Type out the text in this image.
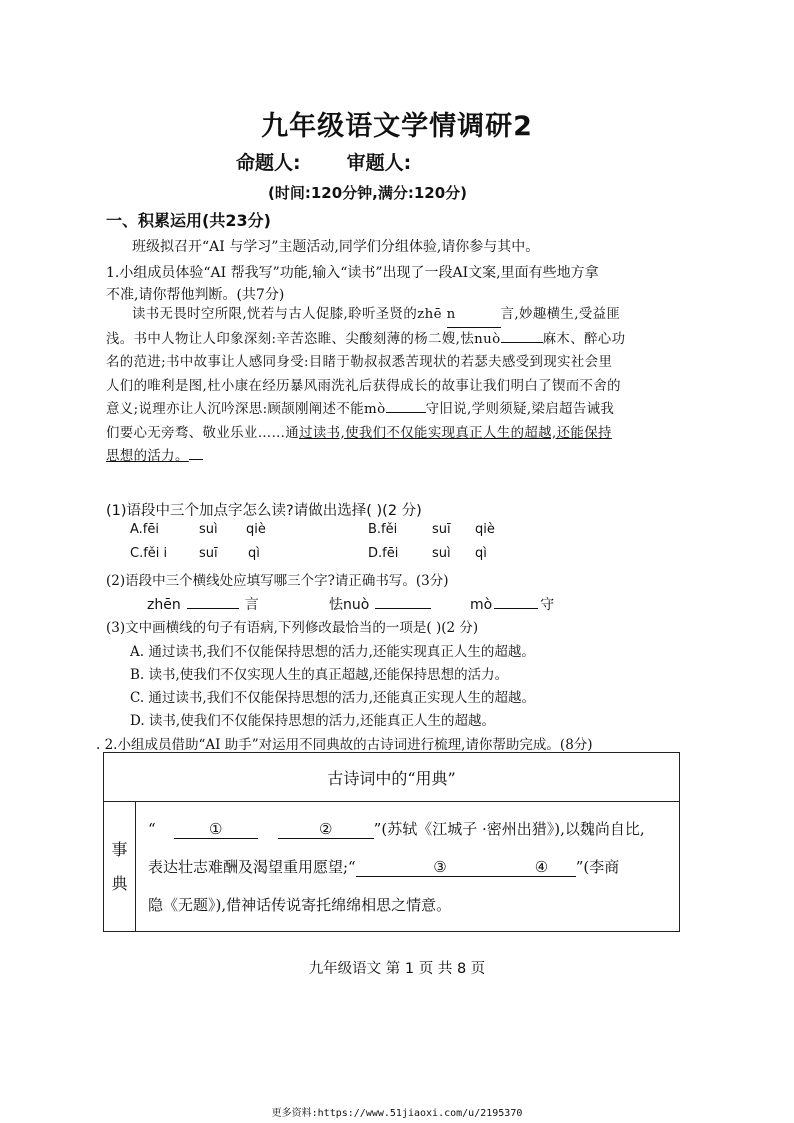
九年级语文学情调研2
命题人: 审题人:
(时间:120分钟,满分:120分)
一、积累运用(共23分)
班级拟召开“AI 与学习”主题活动,同学们分组体验,请你参与其中。
1.小组成员体验“AI 帮我写”功能,输入“读书”出现了一段AI文案,里面有些地方拿
不准,请你帮他判断。(共7分)
读书无畏时空所限,恍若与古人促膝,聆听圣贤的zhē n	言,妙趣横生,受益匪
浅。书中人物让人印象深刻:辛苦恣睢、尖酸刻薄的杨二嫂,怯nuò	麻木、醉心功
名的范进;书中故事让人感同身受:目睹于勒叔叔悉苦现状的若瑟夫感受到现实社会里
人们的唯利是图,杜小康在经历暴风雨洗礼后获得成长的故事让我们明白了锲而不舍的
意义;说理亦让人沉吟深思:顾颉刚阐述不能mò	守旧说,学则须疑,梁启超告诫我
们要心无旁骛、敬业乐业……通过读书,使我们不仅能实现真正人生的超越,还能保持
思想的活力。
(1)语段中三个加点字怎么读?请做出选择( )(2 分)
A.fēi	suì qiè	B.fěi	suī qiè
C.fěi i suī qì	D.fēi	suì qì
(2)语段中三个横线处应填写哪三个字?请正确书写。(3分)
zhēn	言	怯nuò	mò	守
(3)文中画横线的句子有语病,下列修改最恰当的一项是( )(2 分)
A. 通过读书,我们不仅能保持思想的活力,还能实现真正人生的超越。
B. 读书,使我们不仅实现人生的真正超越,还能保持思想的活力。
C. 通过读书,我们不仅能保持思想的活力,还能真正实现人生的超越。
D. 读书,使我们不仅能保持思想的活力,还能真正人生的超越。
. 2.小组成员借助“AI 助手”对运用不同典故的古诗词进行梳理,请你帮助完成。(8分)
古诗词中的“用典”

事
典

“	①	②	”(苏轼《江城子 ·密州出猎》),以魏尚自比,
表达壮志难酬及渴望重用愿望;“	③	④ ”(李商
隐《无题》),借神话传说寄托绵绵相思之情意。
九年级语文 第 1 页 共 8 页
更多资料:https://www.51jiaoxi.com/u/2195370
